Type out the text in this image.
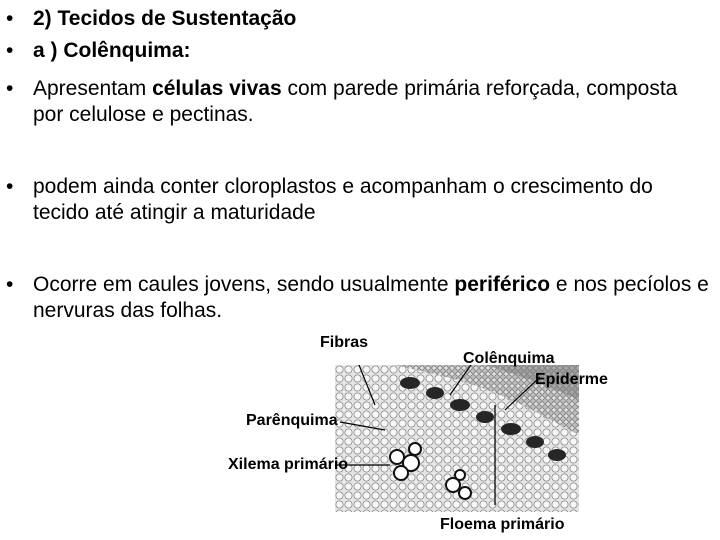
• 2) Tecidos de Sustentação
• a ) Colênquima:
• Apresentam células vivas com parede primária reforçada, composta por celulose e pectinas.
• podem ainda conter cloroplastos e acompanham o crescimento do tecido até atingir a maturidade
• Ocorre em caules jovens, sendo usualmente periférico e nos pecíolos e nervuras das folhas.
Fibras
Colênquima
Epiderme
Parênquima
Xilema primário
Floema primário
